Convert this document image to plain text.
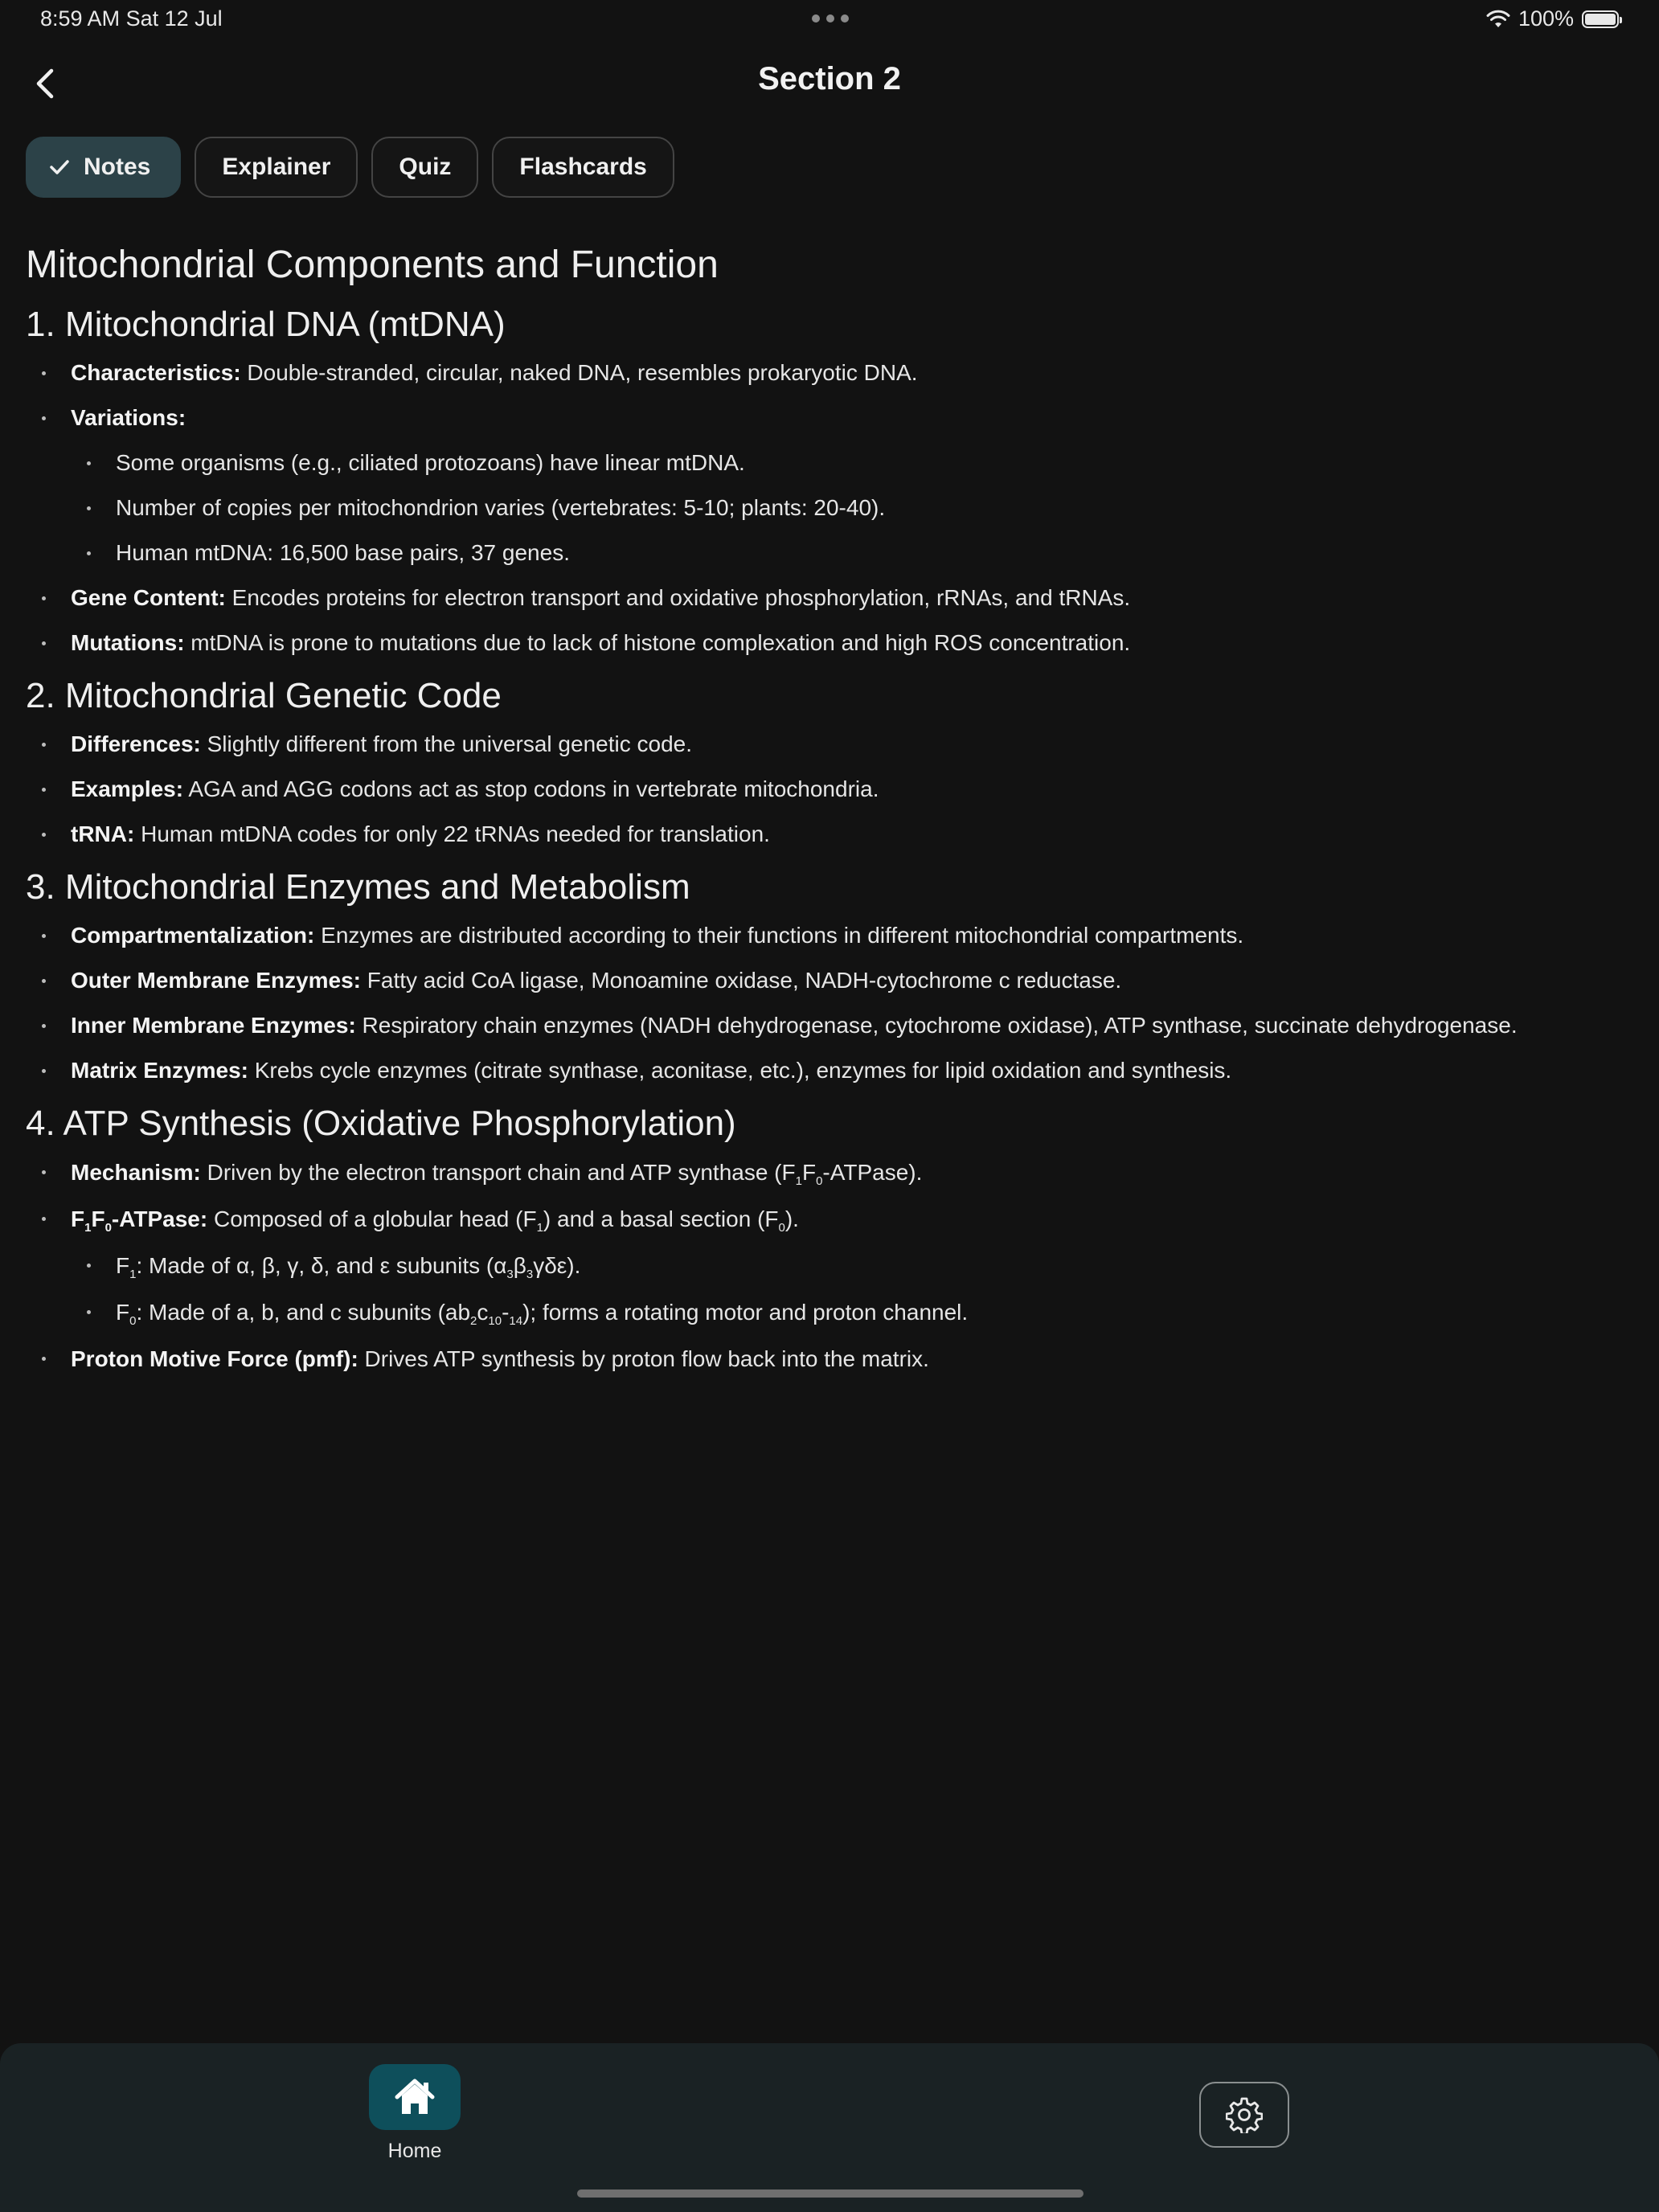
8:59 AM Sat 12 Jul	100%
Section 2
Notes	Explainer	Quiz	Flashcards
Mitochondrial Components and Function
1. Mitochondrial DNA (mtDNA)
Characteristics: Double-stranded, circular, naked DNA, resembles prokaryotic DNA.
Variations:
Some organisms (e.g., ciliated protozoans) have linear mtDNA.
Number of copies per mitochondrion varies (vertebrates: 5-10; plants: 20-40).
Human mtDNA: 16,500 base pairs, 37 genes.
Gene Content: Encodes proteins for electron transport and oxidative phosphorylation, rRNAs, and tRNAs.
Mutations: mtDNA is prone to mutations due to lack of histone complexation and high ROS concentration.
2. Mitochondrial Genetic Code
Differences: Slightly different from the universal genetic code.
Examples: AGA and AGG codons act as stop codons in vertebrate mitochondria.
tRNA: Human mtDNA codes for only 22 tRNAs needed for translation.
3. Mitochondrial Enzymes and Metabolism
Compartmentalization: Enzymes are distributed according to their functions in different mitochondrial compartments.
Outer Membrane Enzymes: Fatty acid CoA ligase, Monoamine oxidase, NADH-cytochrome c reductase.
Inner Membrane Enzymes: Respiratory chain enzymes (NADH dehydrogenase, cytochrome oxidase), ATP synthase, succinate dehydrogenase.
Matrix Enzymes: Krebs cycle enzymes (citrate synthase, aconitase, etc.), enzymes for lipid oxidation and synthesis.
4. ATP Synthesis (Oxidative Phosphorylation)
Mechanism: Driven by the electron transport chain and ATP synthase $(F_1F_0-ATPase)$.
$F_1F_0$-ATPase: Composed of a globular head $(F_1)$ and a basal section $(F_0)$.
$F_1$: Made of α, β, γ, δ, and ε subunits $(\alpha_3\beta_3\gamma\delta\varepsilon)$.
$F_0$: Made of a, b, and c subunits $(ab_2c_{10}-_{14})$; forms a rotating motor and proton channel.
Proton Motive Force (pmf): Drives ATP synthesis by proton flow back into the matrix.
Home
